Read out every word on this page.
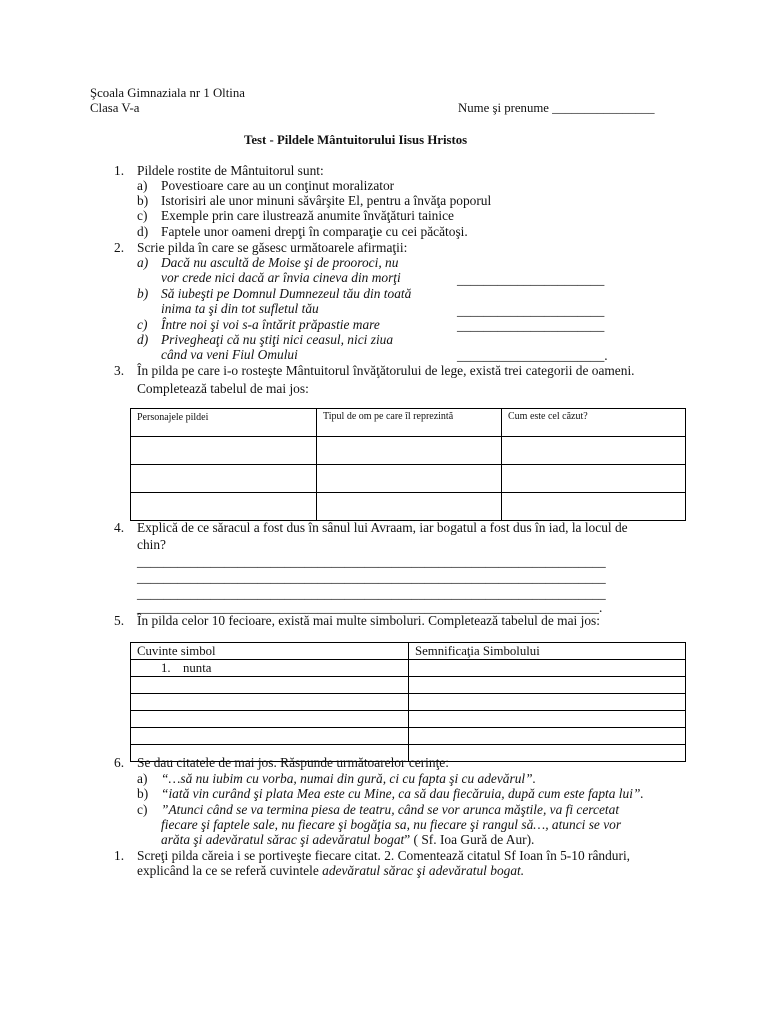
Şcoala Gimnaziala nr 1 Oltina
Clasa V-a	Nume şi prenume ________________
Test - Pildele Mântuitorului Iisus Hristos
1. Pildele rostite de Mântuitorul sunt:
a) Povestioare care au un conţinut moralizator
b) Istorisiri ale unor minuni săvârşite El, pentru a învăţa poporul
c) Exemple prin care ilustrează anumite învăţături tainice
d) Faptele unor oameni drepţi în comparaţie cu cei păcătoşi.
2. Scrie pilda în care se găsesc următoarele afirmaţii:
a) Dacă nu ascultă de Moise şi de prooroci, nu
vor crede nici dacă ar învia cineva din morţi	______________________
b) Să iubeşti pe Domnul Dumnezeul tău din toată
inima ta şi din tot sufletul tău	______________________
c) Între noi şi voi s-a întărit prăpastie mare	______________________
d) Privegheaţi că nu ştiţi nici ceasul, nici ziua
când va veni Fiul Omului	______________________.
3. În pilda pe care i-o rosteşte Mântuitorul învăţătorului de lege, există trei categorii de oameni.
Completează tabelul de mai jos:
Personajele pildei	Tipul de om pe care îl reprezintă	Cum este cel căzut?

4. Explică de ce săracul a fost dus în sânul lui Avraam, iar bogatul a fost dus în iad, la locul de
chin?
______________________________________________________________________
______________________________________________________________________
______________________________________________________________________
_____________________________________________________________________.
5. În pilda celor 10 fecioare, există mai multe simboluri. Completează tabelul de mai jos:
Cuvinte simbol	Semnificaţia Simbolului

1. nunta	

6. Se dau citatele de mai jos. Răspunde următoarelor cerinţe:
a) “…să nu iubim cu vorba, numai din gură, ci cu fapta şi cu adevărul”.
b) “iată vin curând şi plata Mea este cu Mine, ca să dau fiecăruia, după cum este fapta lui”.
c) ”Atunci când se va termina piesa de teatru, când se vor arunca măştile, va fi cercetat
fiecare şi faptele sale, nu fiecare şi bogăţia sa, nu fiecare şi rangul să…, atunci se vor
arăta şi adevăratul sărac şi adevăratul bogat” ( Sf. Ioa Gură de Aur).
1. Screţi pilda căreia i se portiveşte fiecare citat. 2. Comentează citatul Sf Ioan în 5-10 rânduri,
explicând la ce se referă cuvintele adevăratul sărac şi adevăratul bogat.
